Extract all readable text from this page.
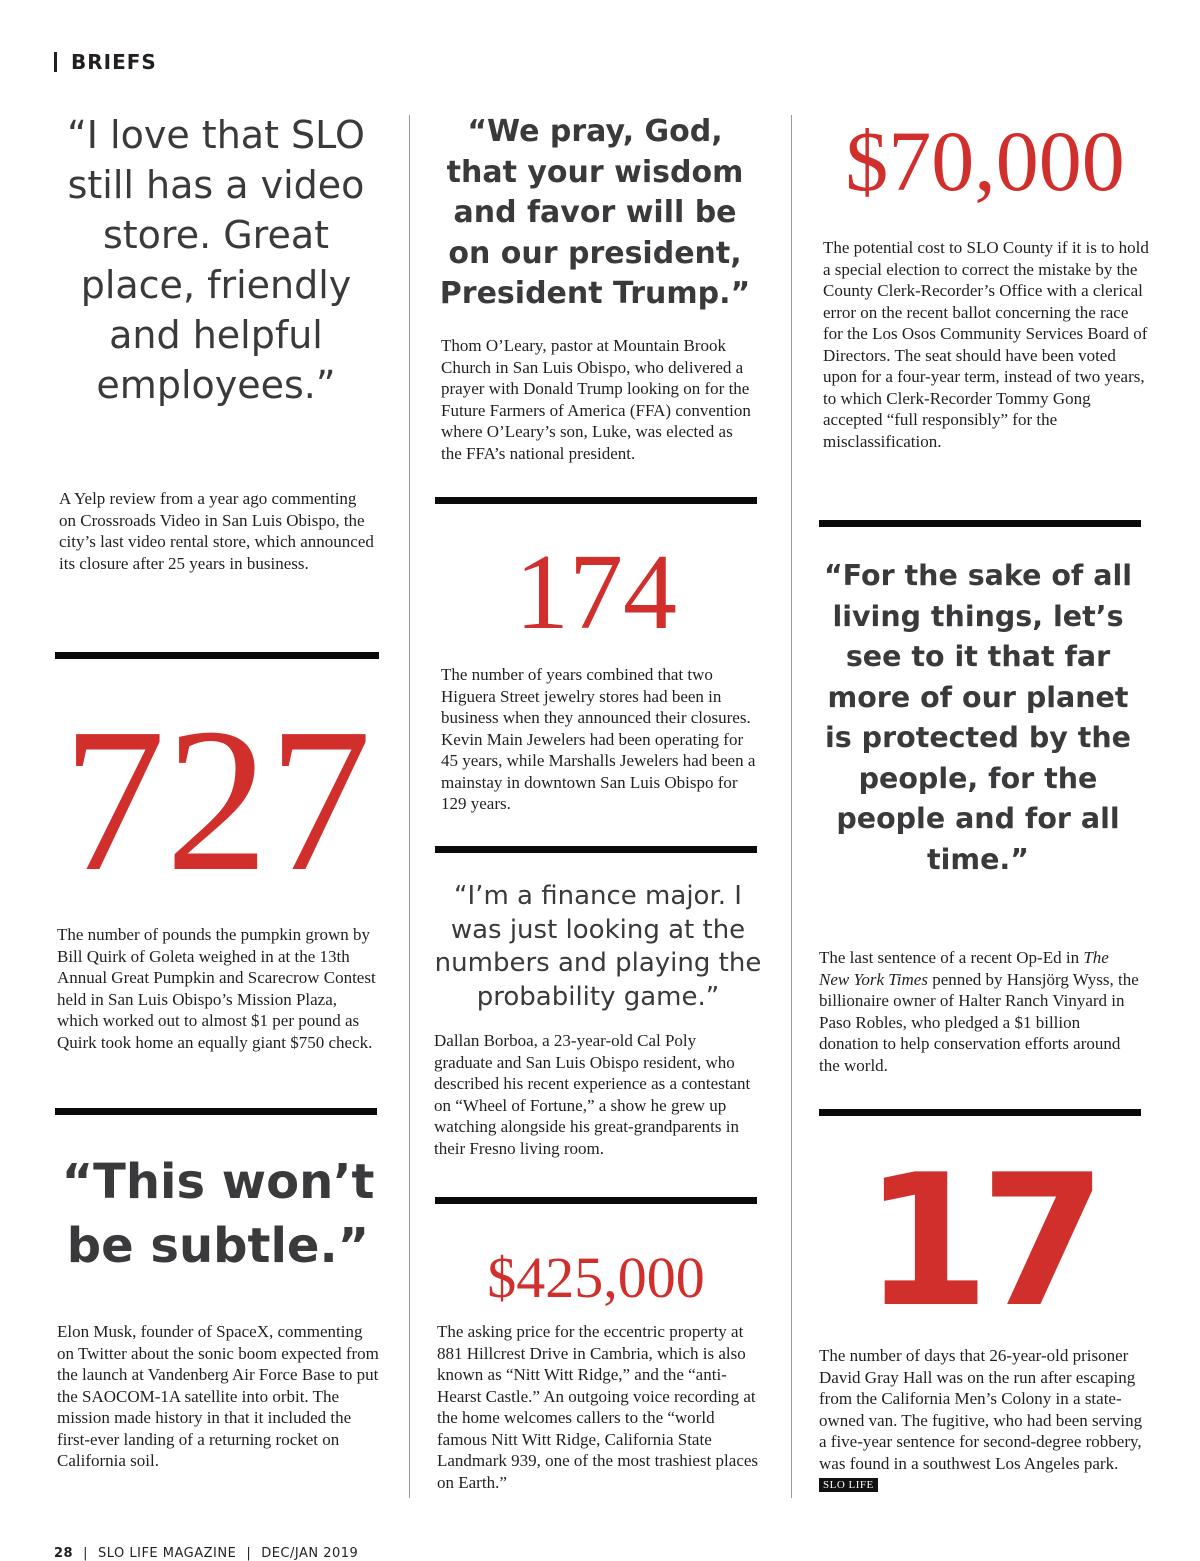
BRIEFS

“I love that SLO still has a video store. Great place, friendly and helpful employees.”

A Yelp review from a year ago commenting on Crossroads Video in San Luis Obispo, the city’s last video rental store, which announced its closure after 25 years in business.

727

The number of pounds the pumpkin grown by Bill Quirk of Goleta weighed in at the 13th Annual Great Pumpkin and Scarecrow Contest held in San Luis Obispo’s Mission Plaza, which worked out to almost $1 per pound as Quirk took home an equally giant $750 check.

“This won’t be subtle.”

Elon Musk, founder of SpaceX, commenting on Twitter about the sonic boom expected from the launch at Vandenberg Air Force Base to put the SAOCOM-1A satellite into orbit. The mission made history in that it included the first-ever landing of a returning rocket on California soil.

“We pray, God, that your wisdom and favor will be on our president, President Trump.”

Thom O’Leary, pastor at Mountain Brook Church in San Luis Obispo, who delivered a prayer with Donald Trump looking on for the Future Farmers of America (FFA) convention where O’Leary’s son, Luke, was elected as the FFA’s national president.

174

The number of years combined that two Higuera Street jewelry stores had been in business when they announced their closures. Kevin Main Jewelers had been operating for 45 years, while Marshalls Jewelers had been a mainstay in downtown San Luis Obispo for 129 years.

“I’m a finance major. I was just looking at the numbers and playing the probability game.”

Dallan Borboa, a 23-year-old Cal Poly graduate and San Luis Obispo resident, who described his recent experience as a contestant on “Wheel of Fortune,” a show he grew up watching alongside his great-grandparents in their Fresno living room.

$425,000

The asking price for the eccentric property at 881 Hillcrest Drive in Cambria, which is also known as “Nitt Witt Ridge,” and the “anti-Hearst Castle.” An outgoing voice recording at the home welcomes callers to the “world famous Nitt Witt Ridge, California State Landmark 939, one of the most trashiest places on Earth.”

$70,000

The potential cost to SLO County if it is to hold a special election to correct the mistake by the County Clerk-Recorder’s Office with a clerical error on the recent ballot concerning the race for the Los Osos Community Services Board of Directors. The seat should have been voted upon for a four-year term, instead of two years, to which Clerk-Recorder Tommy Gong accepted “full responsibly” for the misclassification.

“For the sake of all living things, let’s see to it that far more of our planet is protected by the people, for the people and for all time.”

The last sentence of a recent Op-Ed in The New York Times penned by Hansjörg Wyss, the billionaire owner of Halter Ranch Vinyard in Paso Robles, who pledged a $1 billion donation to help conservation efforts around the world.

17

The number of days that 26-year-old prisoner David Gray Hall was on the run after escaping from the California Men’s Colony in a state-owned van. The fugitive, who had been serving a five-year sentence for second-degree robbery, was found in a southwest Los Angeles park. SLO LIFE

28 | SLO LIFE MAGAZINE | DEC/JAN 2019
